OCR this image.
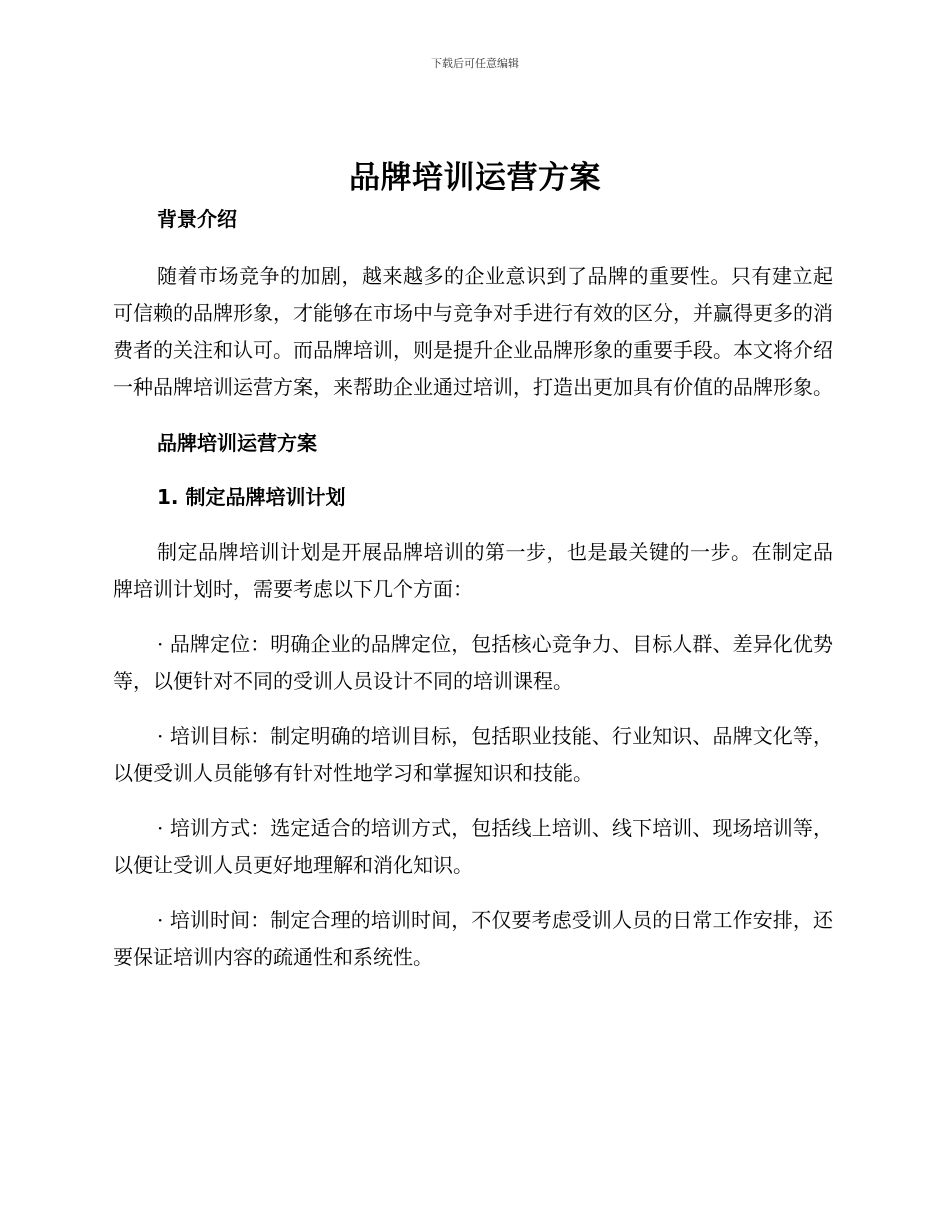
下载后可任意编辑
品牌培训运营方案

背景介绍

随着市场竞争的加剧，越来越多的企业意识到了品牌的重要性。只有建立起可信赖的品牌形象，才能够在市场中与竞争对手进行有效的区分，并赢得更多的消费者的关注和认可。而品牌培训，则是提升企业品牌形象的重要手段。本文将介绍一种品牌培训运营方案，来帮助企业通过培训，打造出更加具有价值的品牌形象。

品牌培训运营方案

1. 制定品牌培训计划

制定品牌培训计划是开展品牌培训的第一步，也是最关键的一步。在制定品牌培训计划时，需要考虑以下几个方面：

· 品牌定位：明确企业的品牌定位，包括核心竞争力、目标人群、差异化优势等，以便针对不同的受训人员设计不同的培训课程。

· 培训目标：制定明确的培训目标，包括职业技能、行业知识、品牌文化等，以便受训人员能够有针对性地学习和掌握知识和技能。

· 培训方式：选定适合的培训方式，包括线上培训、线下培训、现场培训等，以便让受训人员更好地理解和消化知识。

· 培训时间：制定合理的培训时间，不仅要考虑受训人员的日常工作安排，还要保证培训内容的疏通性和系统性。
